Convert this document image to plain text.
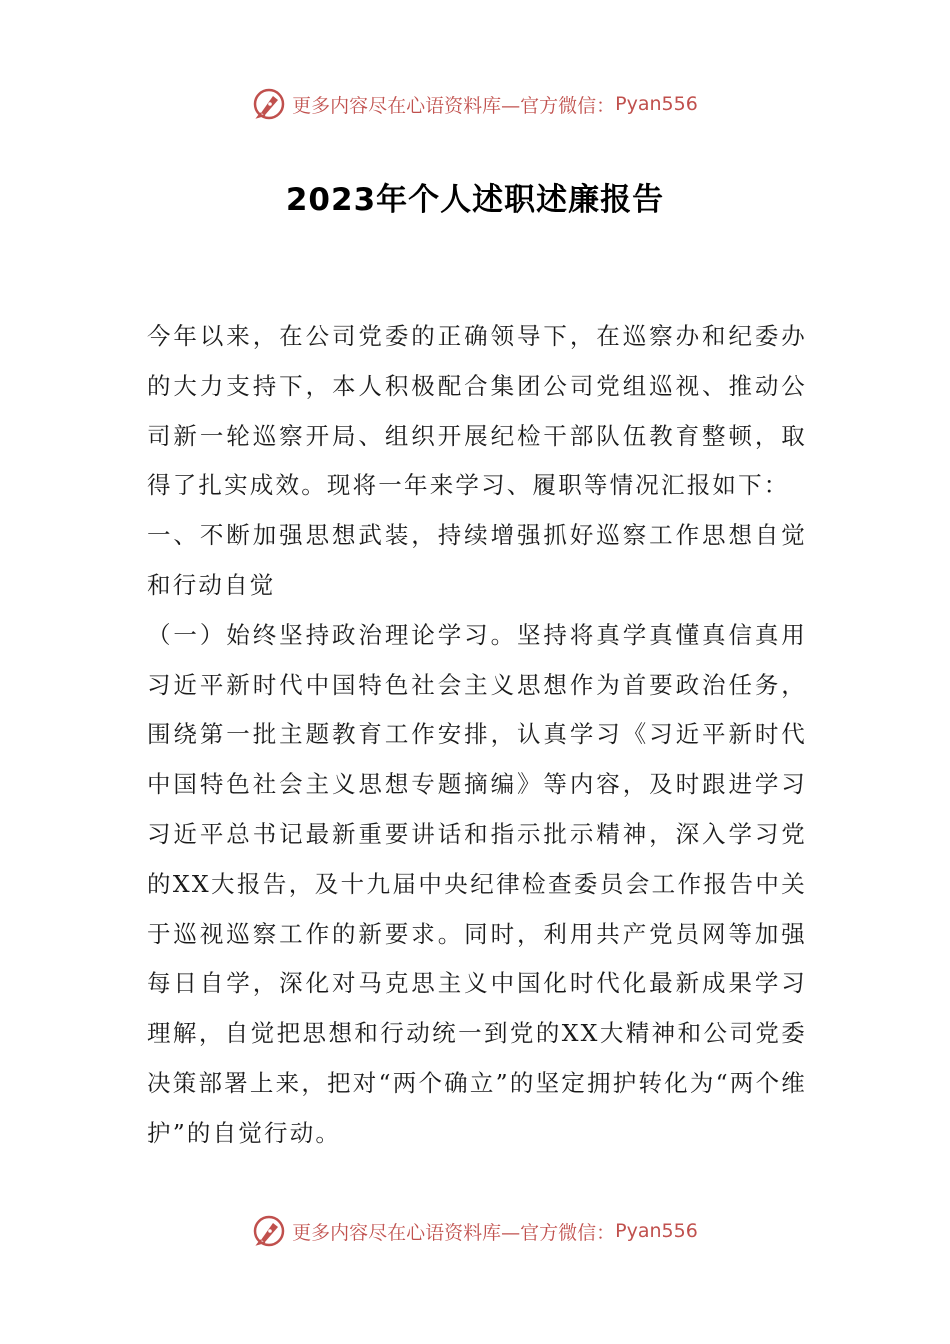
更多内容尽在心语资料库—官方微信： Pyan556
2023年个人述职述廉报告

今年以来，在公司党委的正确领导下，在巡察办和纪委办的大力支持下，本人积极配合集团公司党组巡视、推动公司新一轮巡察开局、组织开展纪检干部队伍教育整顿，取得了扎实成效。现将一年来学习、履职等情况汇报如下：

一、不断加强思想武装，持续增强抓好巡察工作思想自觉和行动自觉

（一）始终坚持政治理论学习。坚持将真学真懂真信真用习近平新时代中国特色社会主义思想作为首要政治任务，围绕第一批主题教育工作安排，认真学习《习近平新时代中国特色社会主义思想专题摘编》等内容，及时跟进学习习近平总书记最新重要讲话和指示批示精神，深入学习党的XX大报告，及十九届中央纪律检查委员会工作报告中关于巡视巡察工作的新要求。同时，利用共产党员网等加强每日自学，深化对马克思主义中国化时代化最新成果学习理解，自觉把思想和行动统一到党的XX大精神和公司党委决策部署上来，把对“两个确立”的坚定拥护转化为“两个维护”的自觉行动。

更多内容尽在心语资料库—官方微信： Pyan556
